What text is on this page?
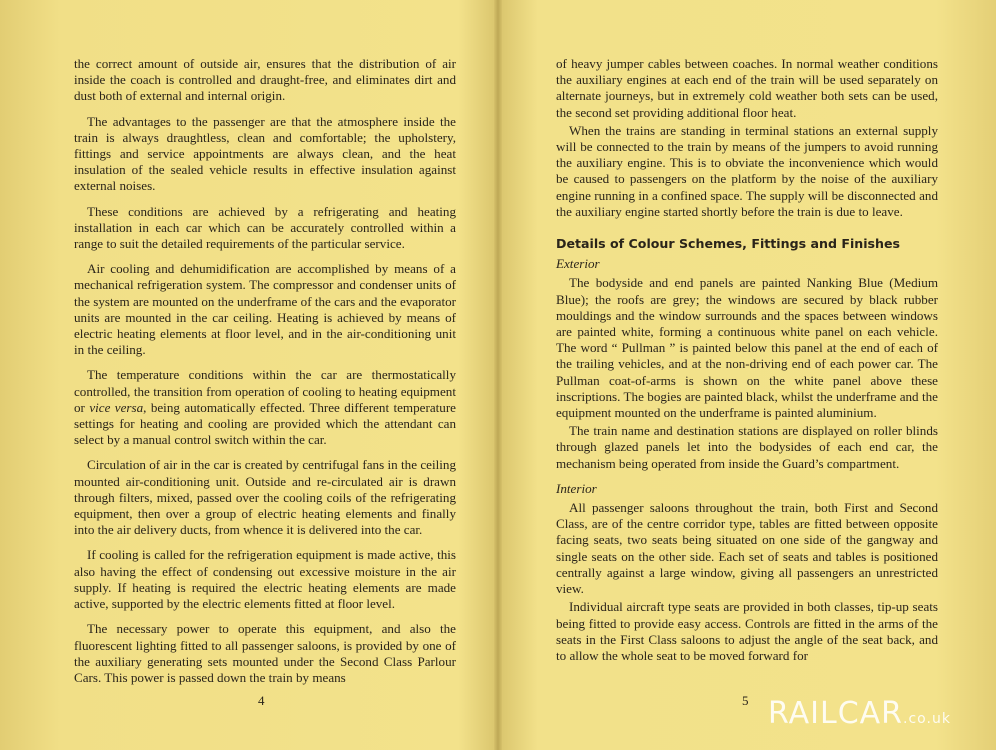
the correct amount of outside air, ensures that the distribution of air inside the coach is controlled and draught-free, and eliminates dirt and dust both of external and internal origin.

The advantages to the passenger are that the atmosphere inside the train is always draughtless, clean and comfortable; the upholstery, fittings and service appointments are always clean, and the heat insulation of the sealed vehicle results in effective insulation against external noises.

These conditions are achieved by a refrigerating and heating installation in each car which can be accurately controlled within a range to suit the detailed requirements of the particular service.

Air cooling and dehumidification are accomplished by means of a mechanical refrigeration system. The compressor and condenser units of the system are mounted on the underframe of the cars and the evaporator units are mounted in the car ceiling. Heating is achieved by means of electric heating elements at floor level, and in the air-conditioning unit in the ceiling.

The temperature conditions within the car are thermostatically controlled, the transition from operation of cooling to heating equipment or vice versa, being automatically effected. Three different temperature settings for heating and cooling are provided which the attendant can select by a manual control switch within the car.

Circulation of air in the car is created by centrifugal fans in the ceiling mounted air-conditioning unit. Outside and re-circulated air is drawn through filters, mixed, passed over the cooling coils of the refrigerating equipment, then over a group of electric heating elements and finally into the air delivery ducts, from whence it is delivered into the car.

If cooling is called for the refrigeration equipment is made active, this also having the effect of condensing out excessive moisture in the air supply. If heating is required the electric heating elements are made active, supported by the electric elements fitted at floor level.

The necessary power to operate this equipment, and also the fluorescent lighting fitted to all passenger saloons, is provided by one of the auxiliary generating sets mounted under the Second Class Parlour Cars. This power is passed down the train by means

4

of heavy jumper cables between coaches. In normal weather conditions the auxiliary engines at each end of the train will be used separately on alternate journeys, but in extremely cold weather both sets can be used, the second set providing additional floor heat.

When the trains are standing in terminal stations an external supply will be connected to the train by means of the jumpers to avoid running the auxiliary engine. This is to obviate the inconvenience which would be caused to passengers on the platform by the noise of the auxiliary engine running in a confined space. The supply will be disconnected and the auxiliary engine started shortly before the train is due to leave.

Details of Colour Schemes, Fittings and Finishes
Exterior

The bodyside and end panels are painted Nanking Blue (Medium Blue); the roofs are grey; the windows are secured by black rubber mouldings and the window surrounds and the spaces between windows are painted white, forming a continuous white panel on each vehicle. The word “ Pullman ” is painted below this panel at the end of each of the trailing vehicles, and at the non-driving end of each power car. The Pullman coat-of-arms is shown on the white panel above these inscriptions. The bogies are painted black, whilst the underframe and the equipment mounted on the underframe is painted aluminium.

The train name and destination stations are displayed on roller blinds through glazed panels let into the bodysides of each end car, the mechanism being operated from inside the Guard’s compartment.

Interior

All passenger saloons throughout the train, both First and Second Class, are of the centre corridor type, tables are fitted between opposite facing seats, two seats being situated on one side of the gangway and single seats on the other side. Each set of seats and tables is positioned centrally against a large window, giving all passengers an unrestricted view.

Individual aircraft type seats are provided in both classes, tip-up seats being fitted to provide easy access. Controls are fitted in the arms of the seats in the First Class saloons to adjust the angle of the seat back, and to allow the whole seat to be moved forward for

5 RAILCAR.co.uk
